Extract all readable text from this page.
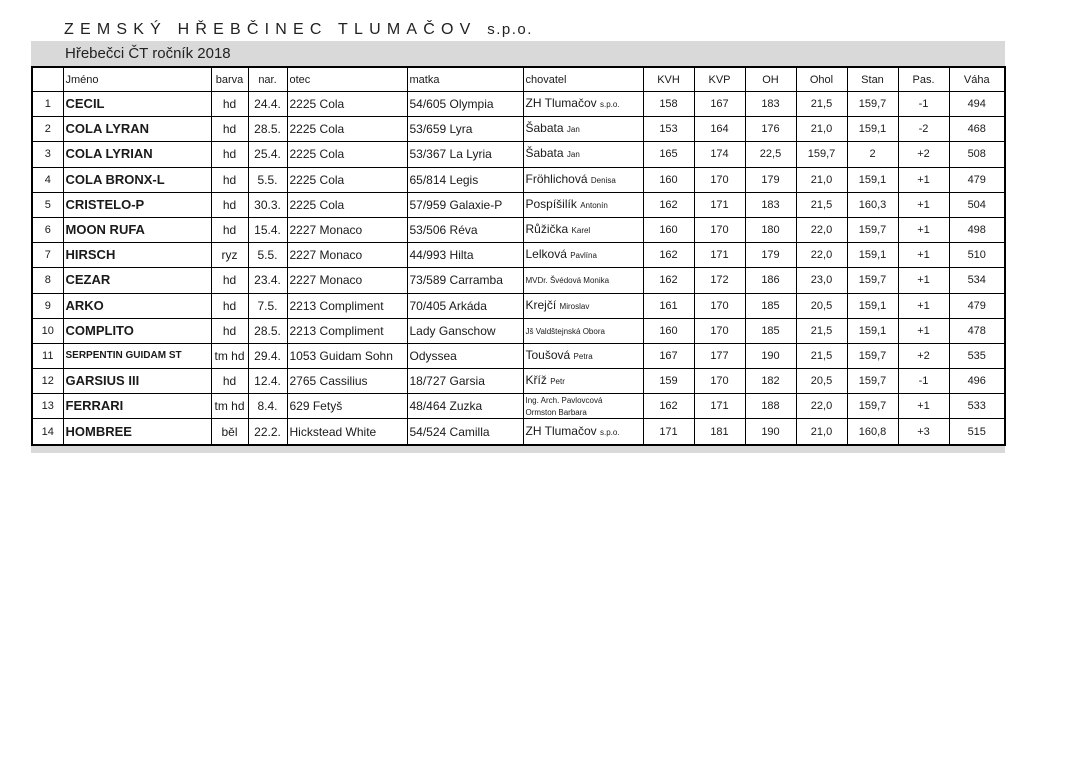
ZEMSKÝ HŘEBČINEC TLUMAČOV s.p.o.
Hřebečci ČT ročník 2018
	Jméno	barva	nar.	otec	matka	chovatel	KVH	KVP	OH	Ohol	Stan	Pas.	Váha
1	CECIL	hd	24.4.	2225 Cola	54/605 Olympia	ZH Tlumačov s.p.o.	158	167	183	21,5	159,7	-1	494
2	COLA LYRAN	hd	28.5.	2225 Cola	53/659 Lyra	Šabata Jan	153	164	176	21,0	159,1	-2	468
3	COLA LYRIAN	hd	25.4.	2225 Cola	53/367 La Lyria	Šabata Jan	165	174	22,5	159,7	2	+2	508
4	COLA BRONX-L	hd	5.5.	2225 Cola	65/814 Legis	Fröhlichová Denisa	160	170	179	21,0	159,1	+1	479
5	CRISTELO-P	hd	30.3.	2225 Cola	57/959 Galaxie-P	Pospíšilík Antonín	162	171	183	21,5	160,3	+1	504
6	MOON RUFA	hd	15.4.	2227 Monaco	53/506 Réva	Růžička Karel	160	170	180	22,0	159,7	+1	498
7	HIRSCH	ryz	5.5.	2227 Monaco	44/993 Hilta	Lelková Pavlína	162	171	179	22,0	159,1	+1	510
8	CEZAR	hd	23.4.	2227 Monaco	73/589 Carramba	MVDr. Švédová Monika	162	172	186	23,0	159,7	+1	534
9	ARKO	hd	7.5.	2213 Compliment	70/405 Arkáda	Krejčí Miroslav	161	170	185	20,5	159,1	+1	479
10	COMPLITO	hd	28.5.	2213 Compliment	Lady Ganschow	Jš Valdštejnská Obora	160	170	185	21,5	159,1	+1	478
11	SERPENTIN GUIDAM ST	tm hd	29.4.	1053 Guidam Sohn	Odyssea	Toušová Petra	167	177	190	21,5	159,7	+2	535
12	GARSIUS III	hd	12.4.	2765 Cassilius	18/727 Garsia	Kříž Petr	159	170	182	20,5	159,7	-1	496
13	FERRARI	tm hd	8.4.	629 Fetyš	48/464 Zuzka	Ing. Arch. Pavlovcová
Ormston Barbara	162	171	188	22,0	159,7	+1	533
14	HOMBREE	běl	22.2.	Hickstead White	54/524 Camilla	ZH Tlumačov s.p.o.	171	181	190	21,0	160,8	+3	515
